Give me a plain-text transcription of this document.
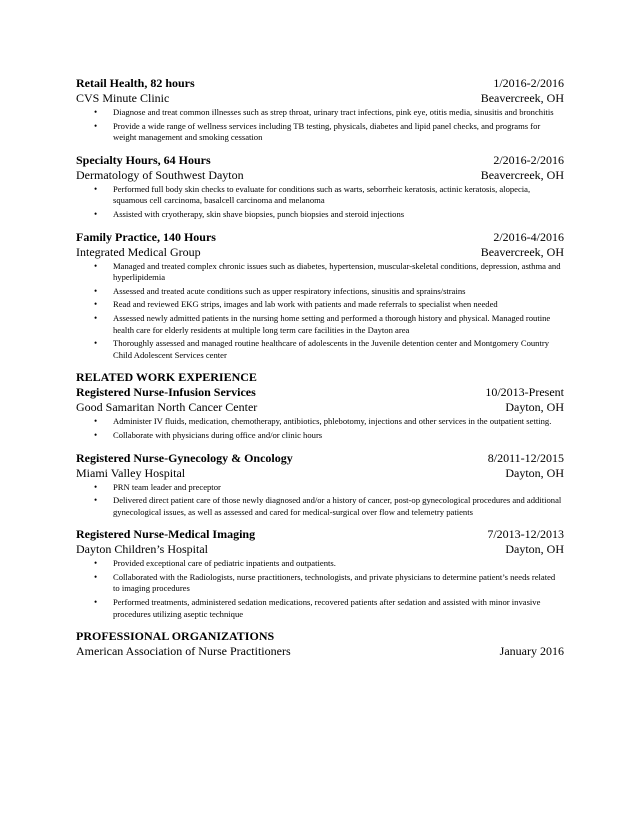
Retail Health, 82 hours	1/2016-2/2016
CVS Minute Clinic	Beavercreek, OH
• Diagnose and treat common illnesses such as strep throat, urinary tract infections, pink eye, otitis media, sinusitis and bronchitis
• Provide a wide range of wellness services including TB testing, physicals, diabetes and lipid panel checks, and programs for weight management and smoking cessation
Specialty Hours, 64 Hours	2/2016-2/2016
Dermatology of Southwest Dayton	Beavercreek, OH
• Performed full body skin checks to evaluate for conditions such as warts, seborrheic keratosis, actinic keratosis, alopecia, squamous cell carcinoma, basalcell carcinoma and melanoma
• Assisted with cryotherapy, skin shave biopsies, punch biopsies and steroid injections
Family Practice, 140 Hours	2/2016-4/2016
Integrated Medical Group	Beavercreek, OH
• Managed and treated complex chronic issues such as diabetes, hypertension, muscular-skeletal conditions, depression, asthma and hyperlipidemia
• Assessed and treated acute conditions such as upper respiratory infections, sinusitis and sprains/strains
• Read and reviewed EKG strips, images and lab work with patients and made referrals to specialist when needed
• Assessed newly admitted patients in the nursing home setting and performed a thorough history and physical. Managed routine health care for elderly residents at multiple long term care facilities in the Dayton area
• Thoroughly assessed and managed routine healthcare of adolescents in the Juvenile detention center and Montgomery Country Child Adolescent Services center
RELATED WORK EXPERIENCE
Registered Nurse-Infusion Services	10/2013-Present
Good Samaritan North Cancer Center	Dayton, OH
• Administer IV fluids, medication, chemotherapy, antibiotics, phlebotomy, injections and other services in the outpatient setting.
• Collaborate with physicians during office and/or clinic hours
Registered Nurse-Gynecology & Oncology	8/2011-12/2015
Miami Valley Hospital	Dayton, OH
• PRN team leader and preceptor
• Delivered direct patient care of those newly diagnosed and/or a history of cancer, post-op gynecological procedures and additional gynecological issues, as well as assessed and cared for medical-surgical over flow and telemetry patients
Registered Nurse-Medical Imaging	7/2013-12/2013
Dayton Children’s Hospital	Dayton, OH
• Provided exceptional care of pediatric inpatients and outpatients.
• Collaborated with the Radiologists, nurse practitioners, technologists, and private physicians to determine patient’s needs related to imaging procedures
• Performed treatments, administered sedation medications, recovered patients after sedation and assisted with minor invasive procedures utilizing aseptic technique
PROFESSIONAL ORGANIZATIONS
American Association of Nurse Practitioners	January 2016
